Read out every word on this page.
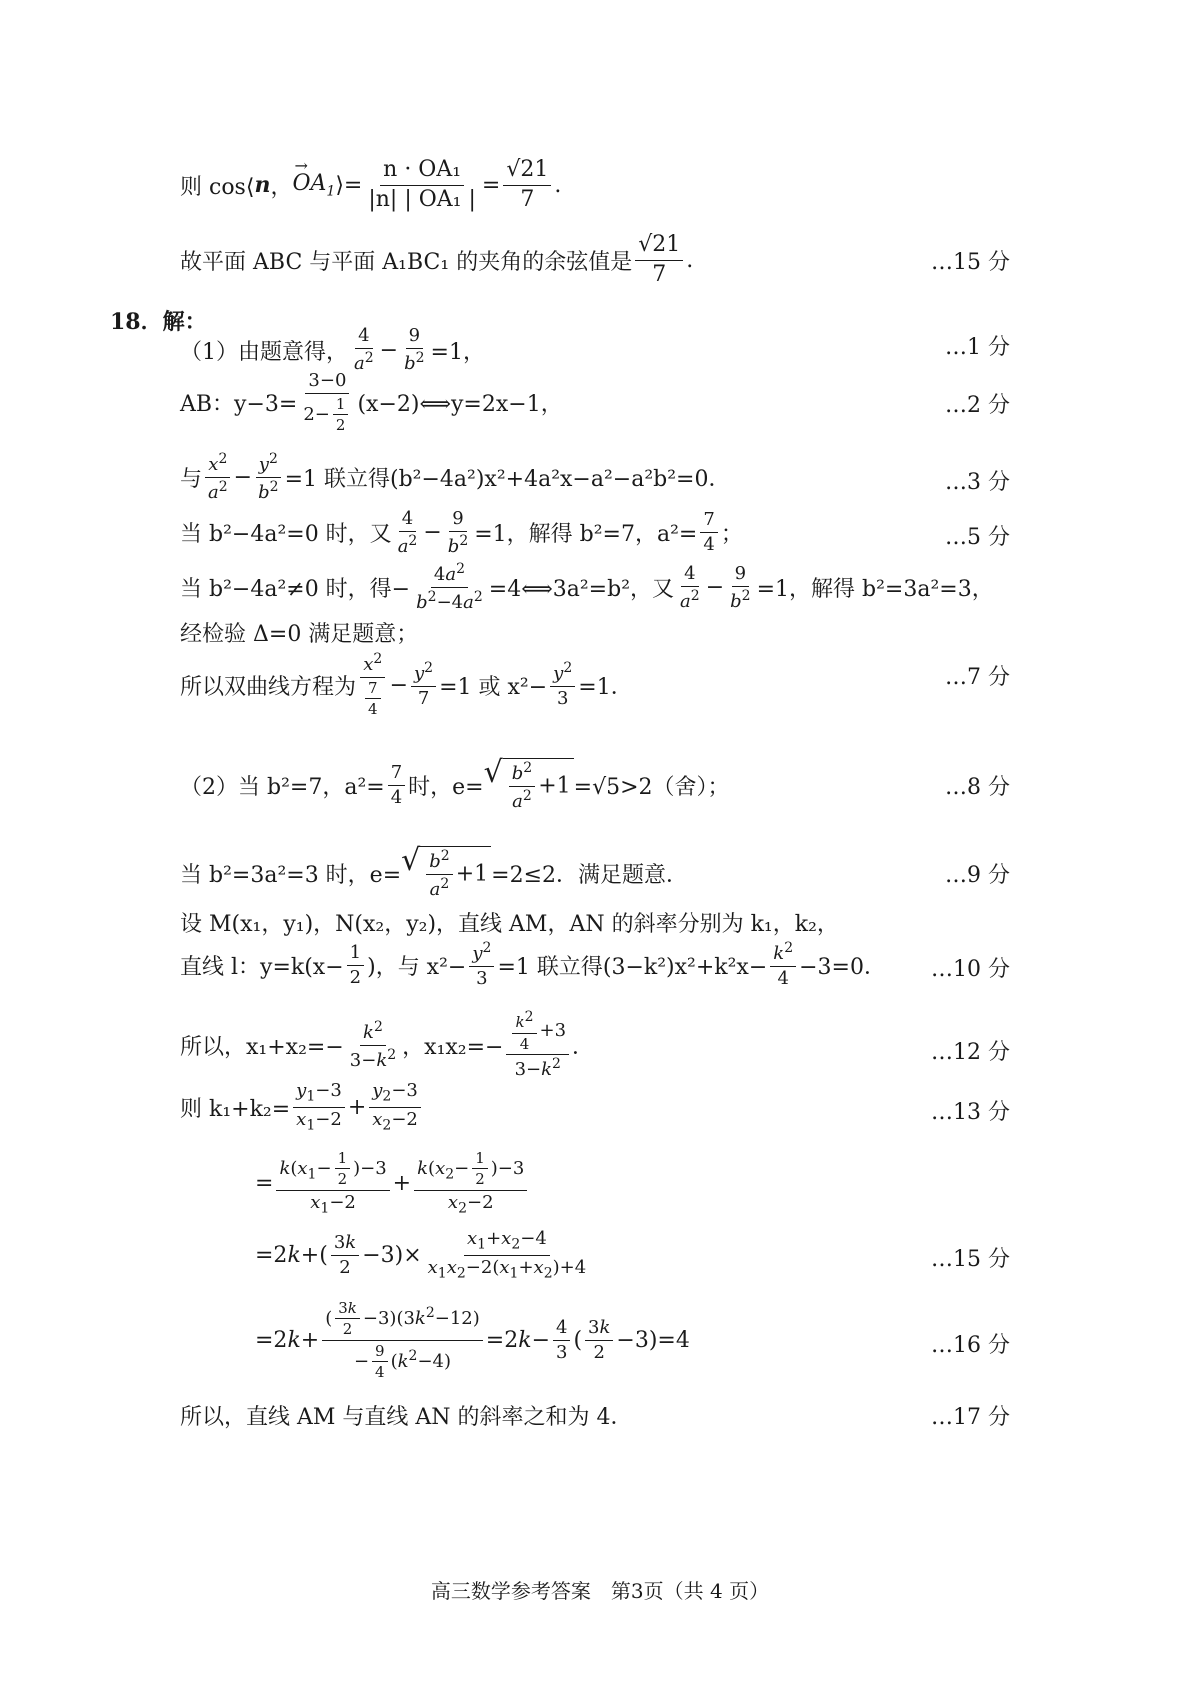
则 cos⟨ n ，
→ $OA_1$ ⟩= $\frac{\text{n · OA₁}}{\text{|n| | OA₁ |}} = \frac{√21}{7}$ .
故平面 ABC 与平面 A₁BC₁ 的夹角的余弦值是 $\frac{√21}{7}$ .	…15 分
18．解：
（1）由题意得， $\frac{4}{a^2} - \frac{9}{b^2} =1$，	…1 分
AB：$y-3= \frac{3-0}{2- \frac{1}{2}}$ (x−2)⟺y=2x−1，	…2 分
与 $\frac{x^2}{a^2} - \frac{y^2}{b^2} =1$ 联立得(b²−4a²)x²+4a²x−a²−a²b²=0．	…3 分
当 b²−4a²=0 时，又 $\frac{4}{a^2} - \frac{9}{b^2} =1$，解得 b²=7，$a^2= \frac{7}{4}$ ；	…5 分
当 b²−4a²≠0 时，得− $\frac{4a^2}{b^2-4a^2}$ =4⟺3a²=b²，又 $\frac{4}{a^2} - \frac{9}{b^2} =1$，解得 b²=3a²=3，
经检验 Δ=0 满足题意；
所以双曲线方程为 $\frac{x^2}{\frac{7}{4}} - \frac{y^2}{7} =1$ 或 $x^2- \frac{y^2}{3} =1$．	…7 分
（2）当 b²=7，$a^2= \frac{7}{4}$ 时，e= √ $\frac{b^2}{a^2} +1 =√5>2$（舍）；	…8 分
当 b²=3a²=3 时，e= √ $\frac{b^2}{a^2} +1 =2\le 2$．满足题意．	…9 分
设 M(x₁，y₁)，N(x₂，y₂)，直线 AM，AN 的斜率分别为 k₁，k₂，
直线 l：$y=k(x- \frac{1}{2}$ )，与 $x^2- \frac{y^2}{3} =1$ 联立得$(3-k^2)x^2+k^2x- \frac{k^2}{4} -3=0$． …10 分
所以，$x_1+x_2=- \frac{k^2}{3-k^2}$ ，$x_1x_2=- \frac{\frac{k2}{4} +3}{3-k^2}$ ．	…12 分
则 $k_1+k_2= \frac{y_1-3}{x_1-2} + \frac{y_2-3}{x_2-2}$	…13 分
= $\frac{k(x_1- \frac{1}{2} )-3}{x_1-2} + \frac{k(x_2- \frac{1}{2} )-3}{x_2-2}$
$=2k+( \frac{3k}{2} -3)\times \frac{x_1+x_2-4}{x_1x_2-2(x_1+x_2)+4}$	…15 分
$=2k+ \frac{( \frac{3k}{2} -3)(3k^2-12)}{- \frac{9}{4} (k^2-4)} =2k- \frac{4}{3}$ ( $\frac{3k}{2} -3)=4$	…16 分
所以，直线 AM 与直线 AN 的斜率之和为 4．	…17 分
高三数学参考答案　第3页（共 4 页）
